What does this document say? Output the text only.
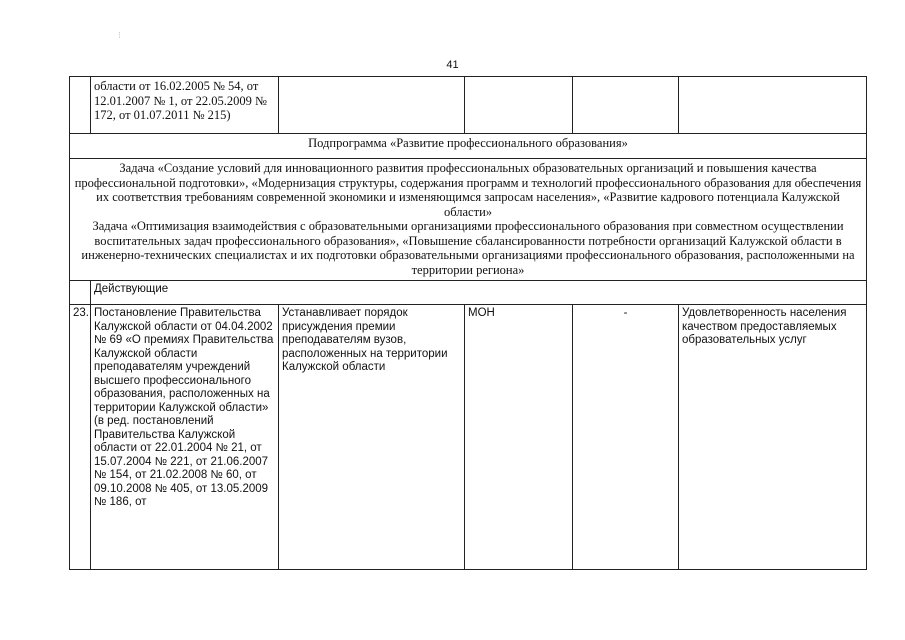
⁝
41
	области от 16.02.2005 № 54, от 12.01.2007 № 1, от 22.05.2009 № 172, от 01.07.2011 № 215)				
Подпрограмма «Развитие профессионального образования»					

Задача «Создание условий для инновационного развития профессиональных образовательных организаций и повышения качества профессиональной подготовки», «Модернизация структуры, содержания программ и технологий профессионального образования для обеспечения их соответствия требованиям современной экономики и изменяющимся запросам населения», «Развитие кадрового потенциала Калужской области»
Задача «Оптимизация взаимодействия с образовательными организациями профессионального образования при совместном осуществлении воспитательных задач профессионального образования», «Повышение сбалансированности потребности организаций Калужской области в инженерно-технических специалистах и их подготовки образовательными организациями профессионального образования, расположенными на территории региона»					

	Действующие				
23.	Постановление Правительства Калужской области от 04.04.2002 № 69 «О премиях Правительства Калужской области преподавателям учреждений высшего профессионального образования, расположенных на территории Калужской области» (в ред. постановлений Правительства Калужской области от 22.01.2004 № 21, от 15.07.2004 № 221, от 21.06.2007 № 154, от 21.02.2008 № 60, от 09.10.2008 № 405, от 13.05.2009 № 186, от	Устанавливает порядок присуждения премии преподавателям вузов, расположенных на территории Калужской области	МОН	-	Удовлетворенность населения качеством предоставляемых образовательных услуг
